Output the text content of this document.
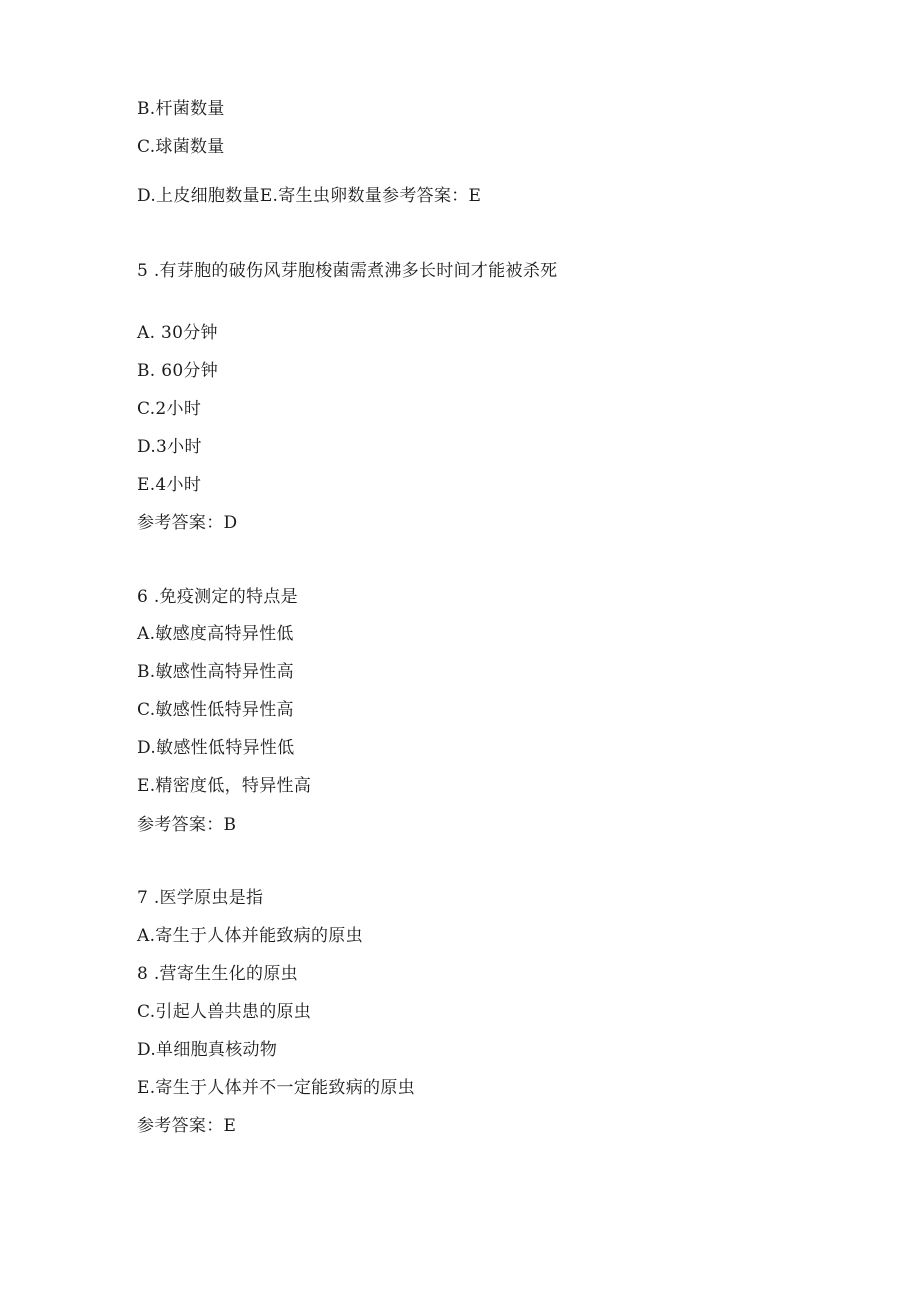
B.杆菌数量
C.球菌数量
D.上皮细胞数量E.寄生虫卵数量参考答案：E
5 .有芽胞的破伤风芽胞梭菌需煮沸多长时间才能被杀死
A. 30分钟
B. 60分钟
C.2小时
D.3小时
E.4小时
参考答案：D
6 .免疫测定的特点是
A.敏感度高特异性低
B.敏感性高特异性高
C.敏感性低特异性高
D.敏感性低特异性低
E.精密度低，特异性高
参考答案：B
7 .医学原虫是指
A.寄生于人体并能致病的原虫
8 .营寄生生化的原虫
C.引起人兽共患的原虫
D.单细胞真核动物
E.寄生于人体并不一定能致病的原虫
参考答案：E
